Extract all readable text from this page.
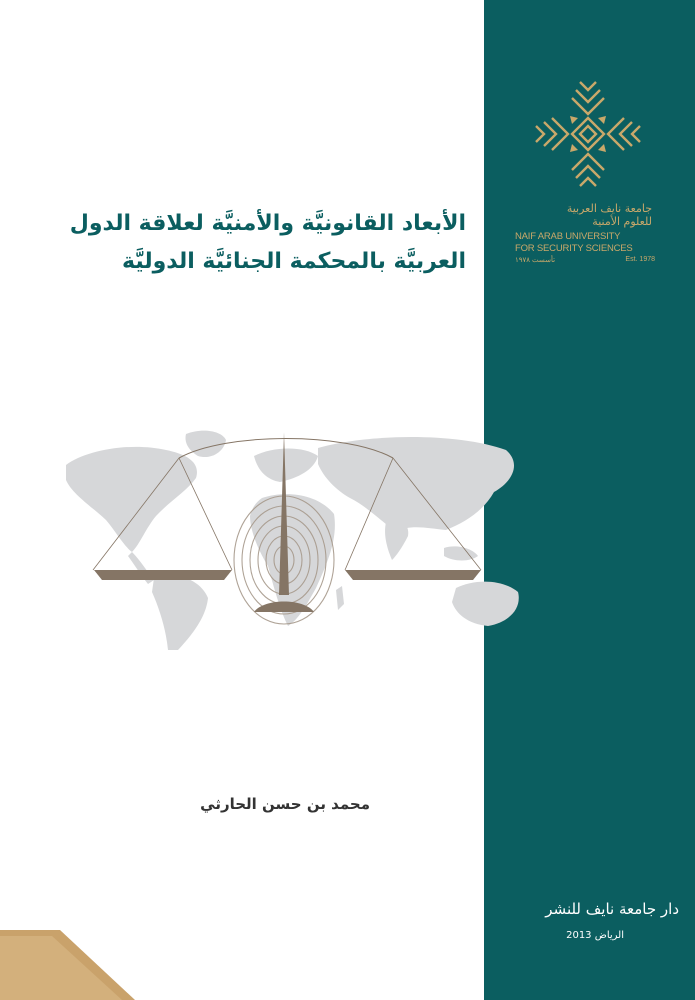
جامعة نايف العربية
للعلوم الأمنية
NAIF ARAB UNIVERSITY
FOR SECURITY SCIENCES
تأسست ١٩٧٨	Est. 1978
الأبعاد القانونيَّة والأمنيَّة لعلاقة الدول
العربيَّة بالمحكمة الجنائيَّة الدوليَّة
محمد بن حسن الحارثي
دار جامعة نايف للنشر
الرياض 2013
